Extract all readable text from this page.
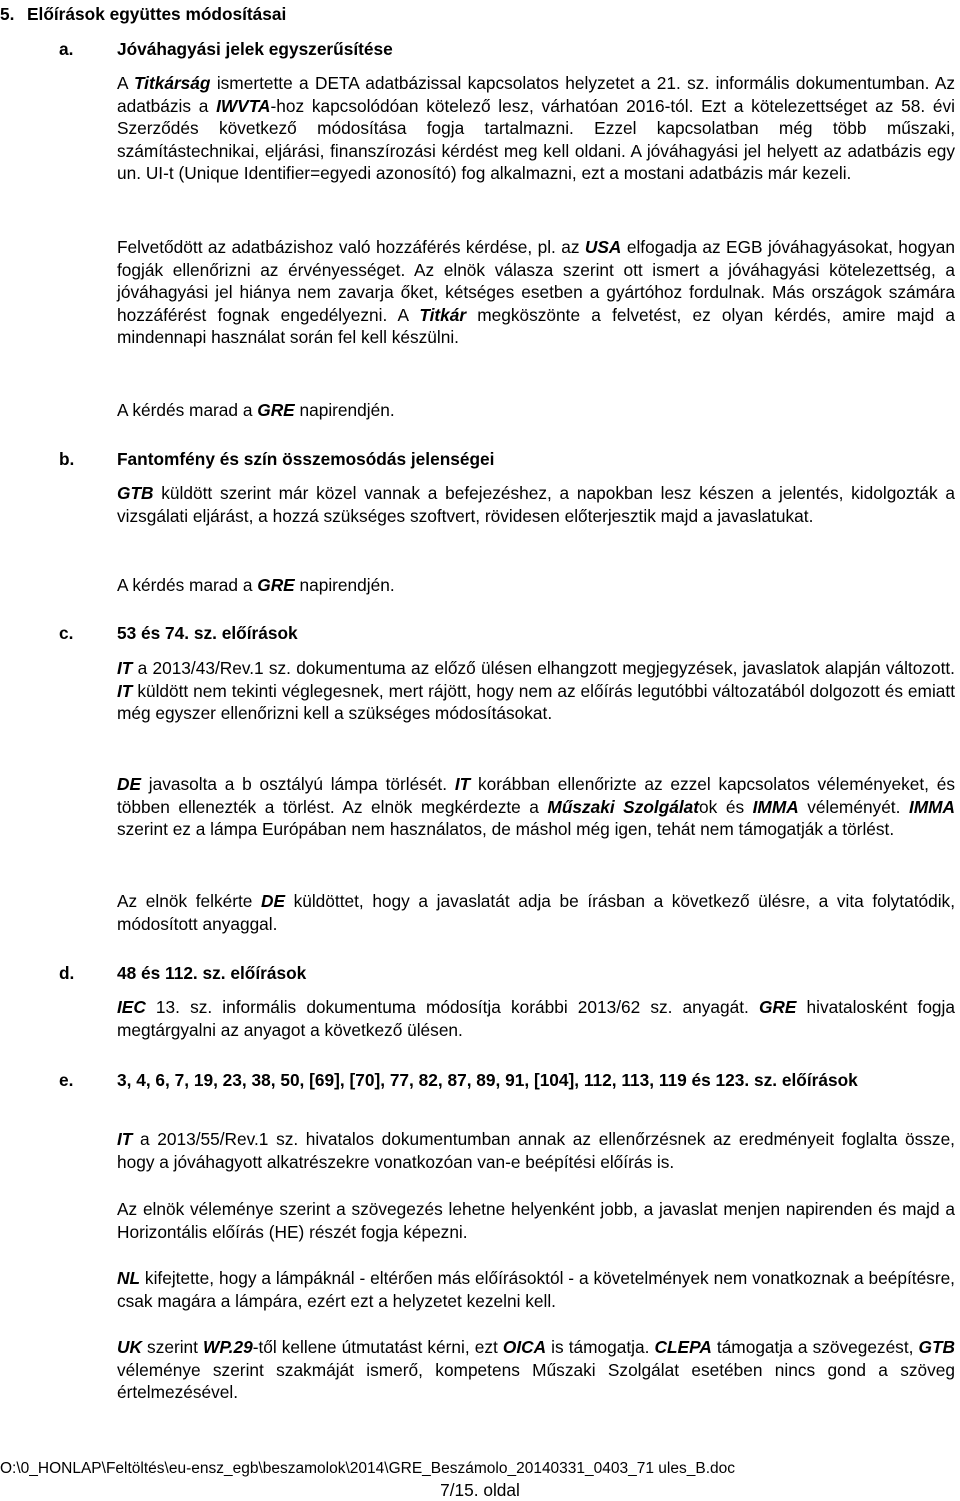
5. Előírások együttes módosításai
a.	Jóváhagyási jelek egyszerűsítése
A Titkárság ismertette a DETA adatbázissal kapcsolatos helyzetet a 21. sz. informális dokumentumban. Az adatbázis a IWVTA-hoz kapcsolódóan kötelező lesz, várhatóan 2016-tól. Ezt a kötelezettséget az 58. évi Szerződés következő módosítása fogja tartalmazni. Ezzel kapcsolatban még több műszaki, számítástechnikai, eljárási, finanszírozási kérdést meg kell oldani. A jóváhagyási jel helyett az adatbázis egy un. UI-t (Unique Identifier=egyedi azonosító) fog alkalmazni, ezt a mostani adatbázis már kezeli.
Felvetődött az adatbázishoz való hozzáférés kérdése, pl. az USA elfogadja az EGB jóváhagyásokat, hogyan fogják ellenőrizni az érvényességet. Az elnök válasza szerint ott ismert a jóváhagyási kötelezettség, a jóváhagyási jel hiánya nem zavarja őket, kétséges esetben a gyártóhoz fordulnak. Más országok számára hozzáférést fognak engedélyezni. A Titkár megköszönte a felvetést, ez olyan kérdés, amire majd a mindennapi használat során fel kell készülni.
A kérdés marad a GRE napirendjén.
b. Fantomfény és szín összemosódás jelenségei
GTB küldött szerint már közel vannak a befejezéshez, a napokban lesz készen a jelentés, kidolgozták a vizsgálati eljárást, a hozzá szükséges szoftvert, rövidesen előterjesztik majd a javaslatukat.
A kérdés marad a GRE napirendjén.
c.	53 és 74. sz. előírások
IT a 2013/43/Rev.1 sz. dokumentuma az előző ülésen elhangzott megjegyzések, javaslatok alapján változott. IT küldött nem tekinti véglegesnek, mert rájött, hogy nem az előírás legutóbbi változatából dolgozott és emiatt még egyszer ellenőrizni kell a szükséges módosításokat.
DE javasolta a b osztályú lámpa törlését. IT korábban ellenőrizte az ezzel kapcsolatos véleményeket, és többen ellenezték a törlést. Az elnök megkérdezte a Műszaki Szolgálatok és IMMA véleményét. IMMA szerint ez a lámpa Európában nem használatos, de máshol még igen, tehát nem támogatják a törlést.
Az elnök felkérte DE küldöttet, hogy a javaslatát adja be írásban a következő ülésre, a vita folytatódik, módosított anyaggal.
d. 48 és 112. sz. előírások
IEC 13. sz. informális dokumentuma módosítja korábbi 2013/62 sz. anyagát. GRE hivatalosként fogja megtárgyalni az anyagot a következő ülésen.
e.	3, 4, 6, 7, 19, 23, 38, 50, [69], [70], 77, 82, 87, 89, 91, [104], 112, 113, 119 és 123. sz. előírások
IT a 2013/55/Rev.1 sz. hivatalos dokumentumban annak az ellenőrzésnek az eredményeit foglalta össze, hogy a jóváhagyott alkatrészekre vonatkozóan van-e beépítési előírás is.
Az elnök véleménye szerint a szövegezés lehetne helyenként jobb, a javaslat menjen napirenden és majd a Horizontális előírás (HE) részét fogja képezni.
NL kifejtette, hogy a lámpáknál - eltérően más előírásoktól - a követelmények nem vonatkoznak a beépítésre, csak magára a lámpára, ezért ezt a helyzetet kezelni kell.
UK szerint WP.29-től kellene útmutatást kérni, ezt OICA is támogatja. CLEPA támogatja a szövegezést, GTB véleménye szerint szakmáját ismerő, kompetens Műszaki Szolgálat esetében nincs gond a szöveg értelmezésével.
O:\0_HONLAP\Feltöltés\eu-ensz_egb\beszamolok\2014\GRE_Beszámolo_20140331_0403_71 ules_B.doc
7/15. oldal
